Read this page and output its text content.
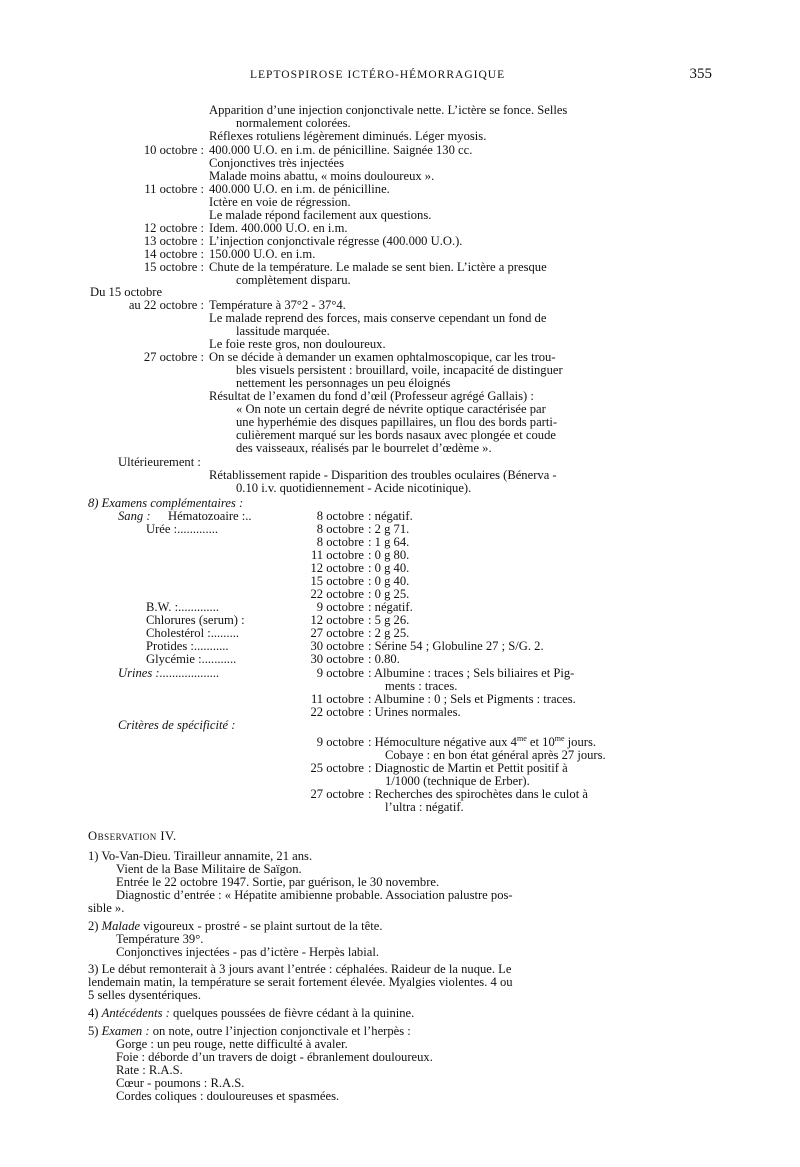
LEPTOSPIROSE ICTÉRO-HÉMORRAGIQUE	355
Apparition d’une injection conjonctivale nette. L’ictère se fonce. Selles
normalement colorées.
Réflexes rotuliens légèrement diminués. Léger myosis.
10 octobre : 400.000 U.O. en i.m. de pénicilline. Saignée 130 cc.
Conjonctives très injectées
Malade moins abattu, « moins douloureux ».
11 octobre : 400.000 U.O. en i.m. de pénicilline.
Ictère en voie de régression.
Le malade répond facilement aux questions.
12 octobre : Idem. 400.000 U.O. en i.m.
13 octobre : L’injection conjonctivale régresse (400.000 U.O.).
14 octobre : 150.000 U.O. en i.m.
15 octobre : Chute de la température. Le malade se sent bien. L’ictère a presque
complètement disparu.
Du 15 octobre
au 22 octobre : Température à 37°2 - 37°4.
Le malade reprend des forces, mais conserve cependant un fond de
lassitude marquée.
Le foie reste gros, non douloureux.
27 octobre : On se décide à demander un examen ophtalmoscopique, car les trou-
bles visuels persistent : brouillard, voile, incapacité de distinguer
nettement les personnages un peu éloignés
Résultat de l’examen du fond d’œil (Professeur agrégé Gallais) :
« On note un certain degré de névrite optique caractérisée par
une hyperhémie des disques papillaires, un flou des bords parti-
culièrement marqué sur les bords nasaux avec plongée et coude
des vaisseaux, réalisés par le bourrelet d’œdème ».
Ultérieurement :
Rétablissement rapide - Disparition des troubles oculaires (Bénerva -
0.10 i.v. quotidiennement - Acide nicotinique).
8) Examens complémentaires :
Sang : Hématozoaire :..	8 octobre : négatif.
Urée :.............	8 octobre : 2 g 71.
8 octobre : 1 g 64.
11 octobre : 0 g 80.
12 octobre : 0 g 40.
15 octobre : 0 g 40.
22 octobre : 0 g 25.
B.W. :.............	9 octobre : négatif.
Chlorures (serum) :	12 octobre : 5 g 26.
Cholestérol :.........	27 octobre : 2 g 25.
Protides :...........	30 octobre : Sérine 54 ; Globuline 27 ; S/G. 2.
Glycémie :...........	30 octobre : 0.80.
Urines :...................	9 octobre : Albumine : traces ; Sels biliaires et Pig-
ments : traces.
11 octobre : Albumine : 0 ; Sels et Pigments : traces.
22 octobre : Urines normales.
Critères de spécificité :
9 octobre : Hémoculture négative aux $4^{me}$ et $10^{me}$ jours.
Cobaye : en bon état général après 27 jours.
25 octobre : Diagnostic de Martin et Pettit positif à
1/1000 (technique de Erber).
27 octobre : Recherches des spirochètes dans le culot à
l’ultra : négatif.
Observation IV.
1) Vo-Van-Dieu. Tirailleur annamite, 21 ans.
Vient de la Base Militaire de Saïgon.
Entrée le 22 octobre 1947. Sortie, par guérison, le 30 novembre.
Diagnostic d’entrée : « Hépatite amibienne probable. Association palustre pos-
sible ».
2) Malade vigoureux - prostré - se plaint surtout de la tête.
Température 39°.
Conjonctives injectées - pas d’ictère - Herpès labial.
3) Le début remonterait à 3 jours avant l’entrée : céphalées. Raideur de la nuque. Le
lendemain matin, la température se serait fortement élevée. Myalgies violentes. 4 ou
5 selles dysentériques.
4) Antécédents : quelques poussées de fièvre cédant à la quinine.
5) Examen : on note, outre l’injection conjonctivale et l’herpès :
Gorge : un peu rouge, nette difficulté à avaler.
Foie : déborde d’un travers de doigt - ébranlement douloureux.
Rate : R.A.S.
Cœur - poumons : R.A.S.
Cordes coliques : douloureuses et spasmées.
